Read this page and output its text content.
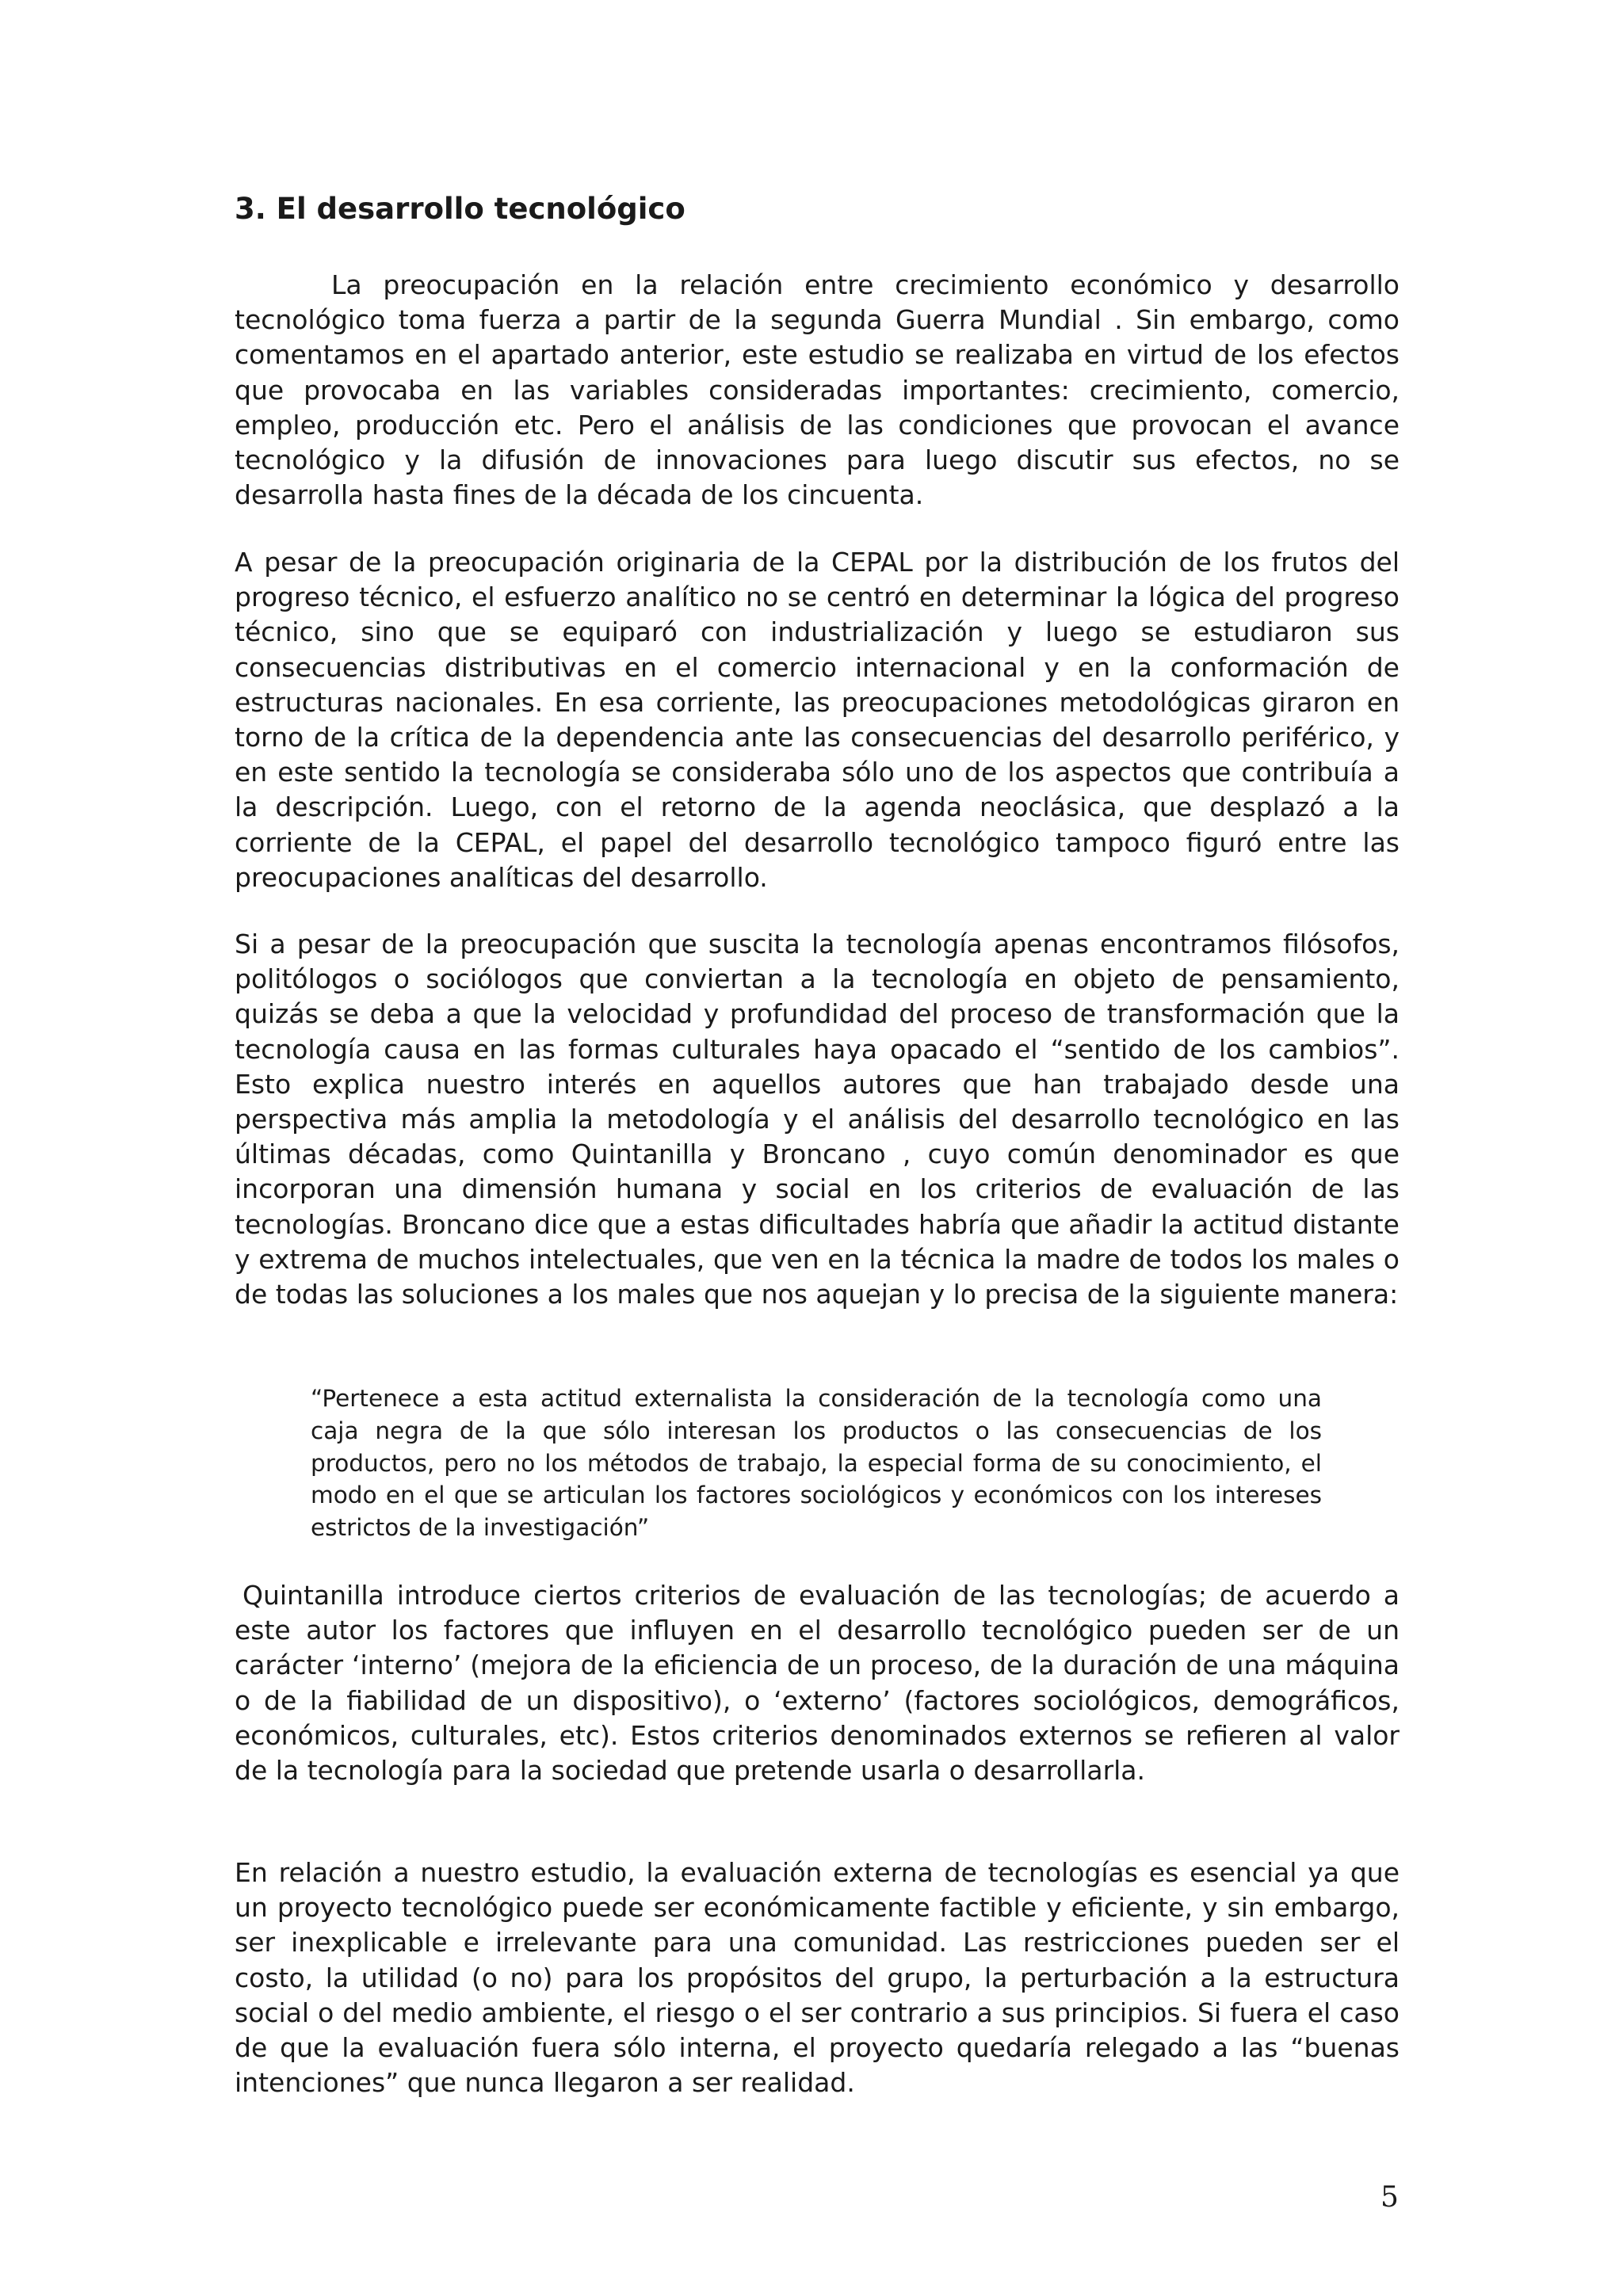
3. El desarrollo tecnológico

La preocupación en la relación entre crecimiento económico y desarrollo tecnológico toma fuerza a partir de la segunda Guerra Mundial . Sin embargo, como comentamos en el apartado anterior, este estudio se realizaba en virtud de los efectos que provocaba en las variables consideradas importantes: crecimiento, comercio, empleo, producción etc. Pero el análisis de las condiciones que provocan el avance tecnológico y la difusión de innovaciones para luego discutir sus efectos, no se desarrolla hasta fines de la década de los cincuenta.

A pesar de la preocupación originaria de la CEPAL por la distribución de los frutos del progreso técnico, el esfuerzo analítico no se centró en determinar la lógica del progreso técnico, sino que se equiparó con industrialización y luego se estudiaron sus consecuencias distributivas en el comercio internacional y en la conformación de estructuras nacionales. En esa corriente, las preocupaciones metodológicas giraron en torno de la crítica de la dependencia ante las consecuencias del desarrollo periférico, y en este sentido la tecnología se consideraba sólo uno de los aspectos que contribuía a la descripción. Luego, con el retorno de la agenda neoclásica, que desplazó a la corriente de la CEPAL, el papel del desarrollo tecnológico tampoco figuró entre las preocupaciones analíticas del desarrollo.

Si a pesar de la preocupación que suscita la tecnología apenas encontramos filósofos, politólogos o sociólogos que conviertan a la tecnología en objeto de pensamiento, quizás se deba a que la velocidad y profundidad del proceso de transformación que la tecnología causa en las formas culturales haya opacado el “sentido de los cambios”. Esto explica nuestro interés en aquellos autores que han trabajado desde una perspectiva más amplia la metodología y el análisis del desarrollo tecnológico en las últimas décadas, como Quintanilla y Broncano , cuyo común denominador es que incorporan una dimensión humana y social en los criterios de evaluación de las tecnologías. Broncano dice que a estas dificultades habría que añadir la actitud distante y extrema de muchos intelectuales, que ven en la técnica la madre de todos los males o de todas las soluciones a los males que nos aquejan y lo precisa de la siguiente manera:

“Pertenece a esta actitud externalista la consideración de la tecnología como una caja negra de la que sólo interesan los productos o las consecuencias de los productos, pero no los métodos de trabajo, la especial forma de su conocimiento, el modo en el que se articulan los factores sociológicos y económicos con los intereses estrictos de la investigación”

Quintanilla introduce ciertos criterios de evaluación de las tecnologías; de acuerdo a este autor los factores que influyen en el desarrollo tecnológico pueden ser de un carácter ‘interno’ (mejora de la eficiencia de un proceso, de la duración de una máquina o de la fiabilidad de un dispositivo), o ‘externo’ (factores sociológicos, demográficos, económicos, culturales, etc). Estos criterios denominados externos se refieren al valor de la tecnología para la sociedad que pretende usarla o desarrollarla.

En relación a nuestro estudio, la evaluación externa de tecnologías es esencial ya que un proyecto tecnológico puede ser económicamente factible y eficiente, y sin embargo, ser inexplicable e irrelevante para una comunidad. Las restricciones pueden ser el costo, la utilidad (o no) para los propósitos del grupo, la perturbación a la estructura social o del medio ambiente, el riesgo o el ser contrario a sus principios. Si fuera el caso de que la evaluación fuera sólo interna, el proyecto quedaría relegado a las “buenas intenciones” que nunca llegaron a ser realidad.

5
